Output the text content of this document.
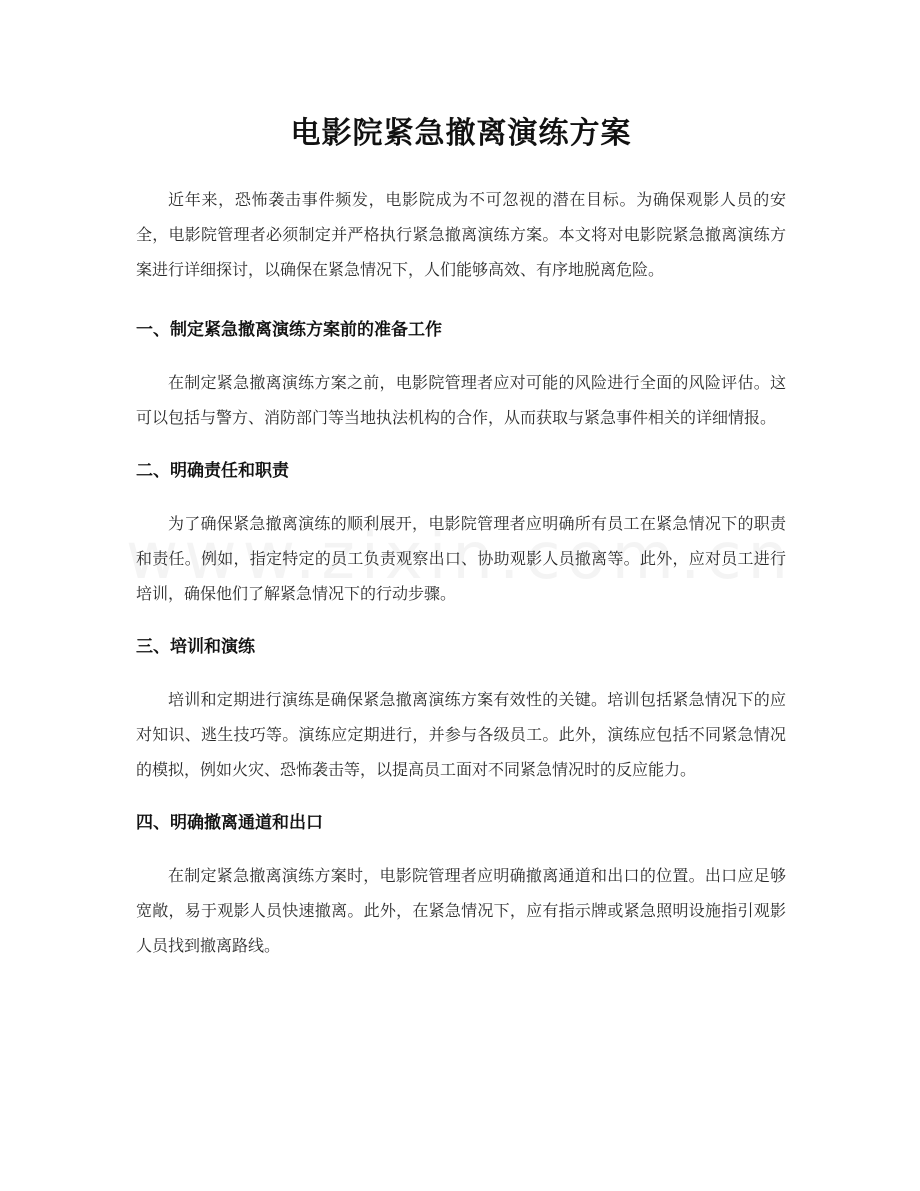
电影院紧急撤离演练方案

近年来，恐怖袭击事件频发，电影院成为不可忽视的潜在目标。为确保观影人员的安全，电影院管理者必须制定并严格执行紧急撤离演练方案。本文将对电影院紧急撤离演练方案进行详细探讨，以确保在紧急情况下，人们能够高效、有序地脱离危险。

一、制定紧急撤离演练方案前的准备工作

在制定紧急撤离演练方案之前，电影院管理者应对可能的风险进行全面的风险评估。这可以包括与警方、消防部门等当地执法机构的合作，从而获取与紧急事件相关的详细情报。

二、明确责任和职责

为了确保紧急撤离演练的顺利展开，电影院管理者应明确所有员工在紧急情况下的职责和责任。例如，指定特定的员工负责观察出口、协助观影人员撤离等。此外，应对员工进行培训，确保他们了解紧急情况下的行动步骤。

三、培训和演练

培训和定期进行演练是确保紧急撤离演练方案有效性的关键。培训包括紧急情况下的应对知识、逃生技巧等。演练应定期进行，并参与各级员工。此外，演练应包括不同紧急情况的模拟，例如火灾、恐怖袭击等，以提高员工面对不同紧急情况时的反应能力。

四、明确撤离通道和出口

在制定紧急撤离演练方案时，电影院管理者应明确撤离通道和出口的位置。出口应足够宽敞，易于观影人员快速撤离。此外，在紧急情况下，应有指示牌或紧急照明设施指引观影人员找到撤离路线。
